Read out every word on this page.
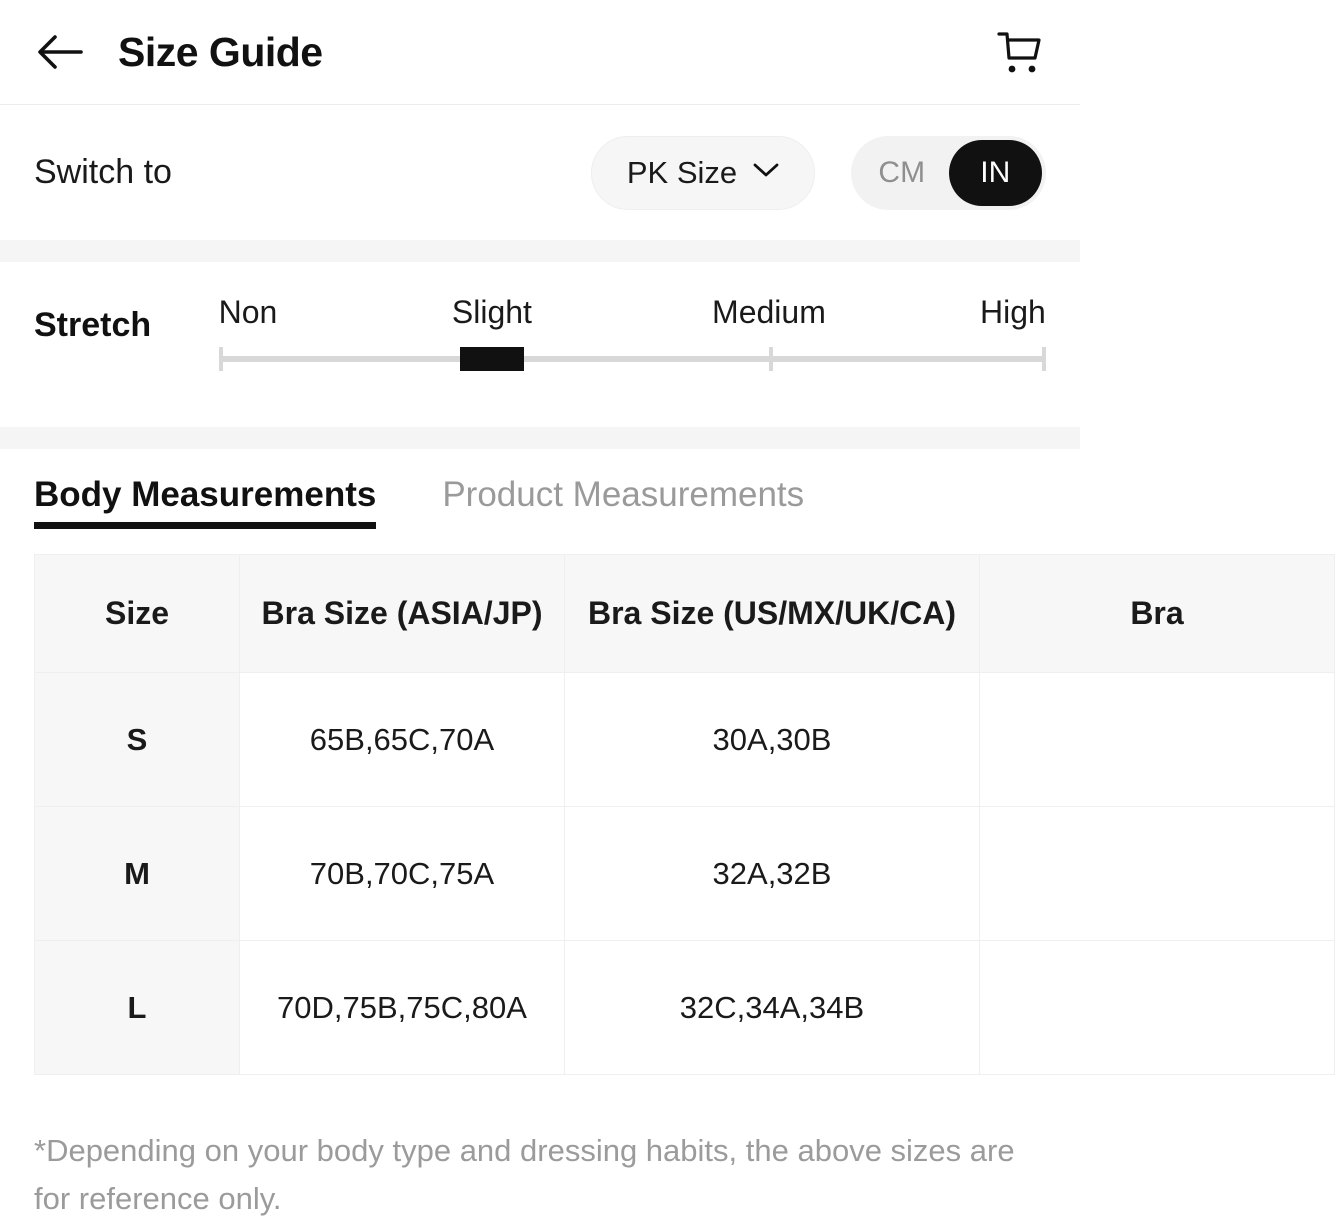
Size Guide
Switch to	PK Size	CM	IN
Stretch	Non	Slight	Medium	High
Body Measurements Product Measurements
Size	Bra Size (ASIA/JP)	Bra Size (US/MX/UK/CA)	Bra
S	65B,65C,70A	30A,30B	
M	70B,70C,75A	32A,32B	
L	70D,75B,75C,80A	32C,34A,34B	
*Depending on your body type and dressing habits, the above sizes are for reference only.
